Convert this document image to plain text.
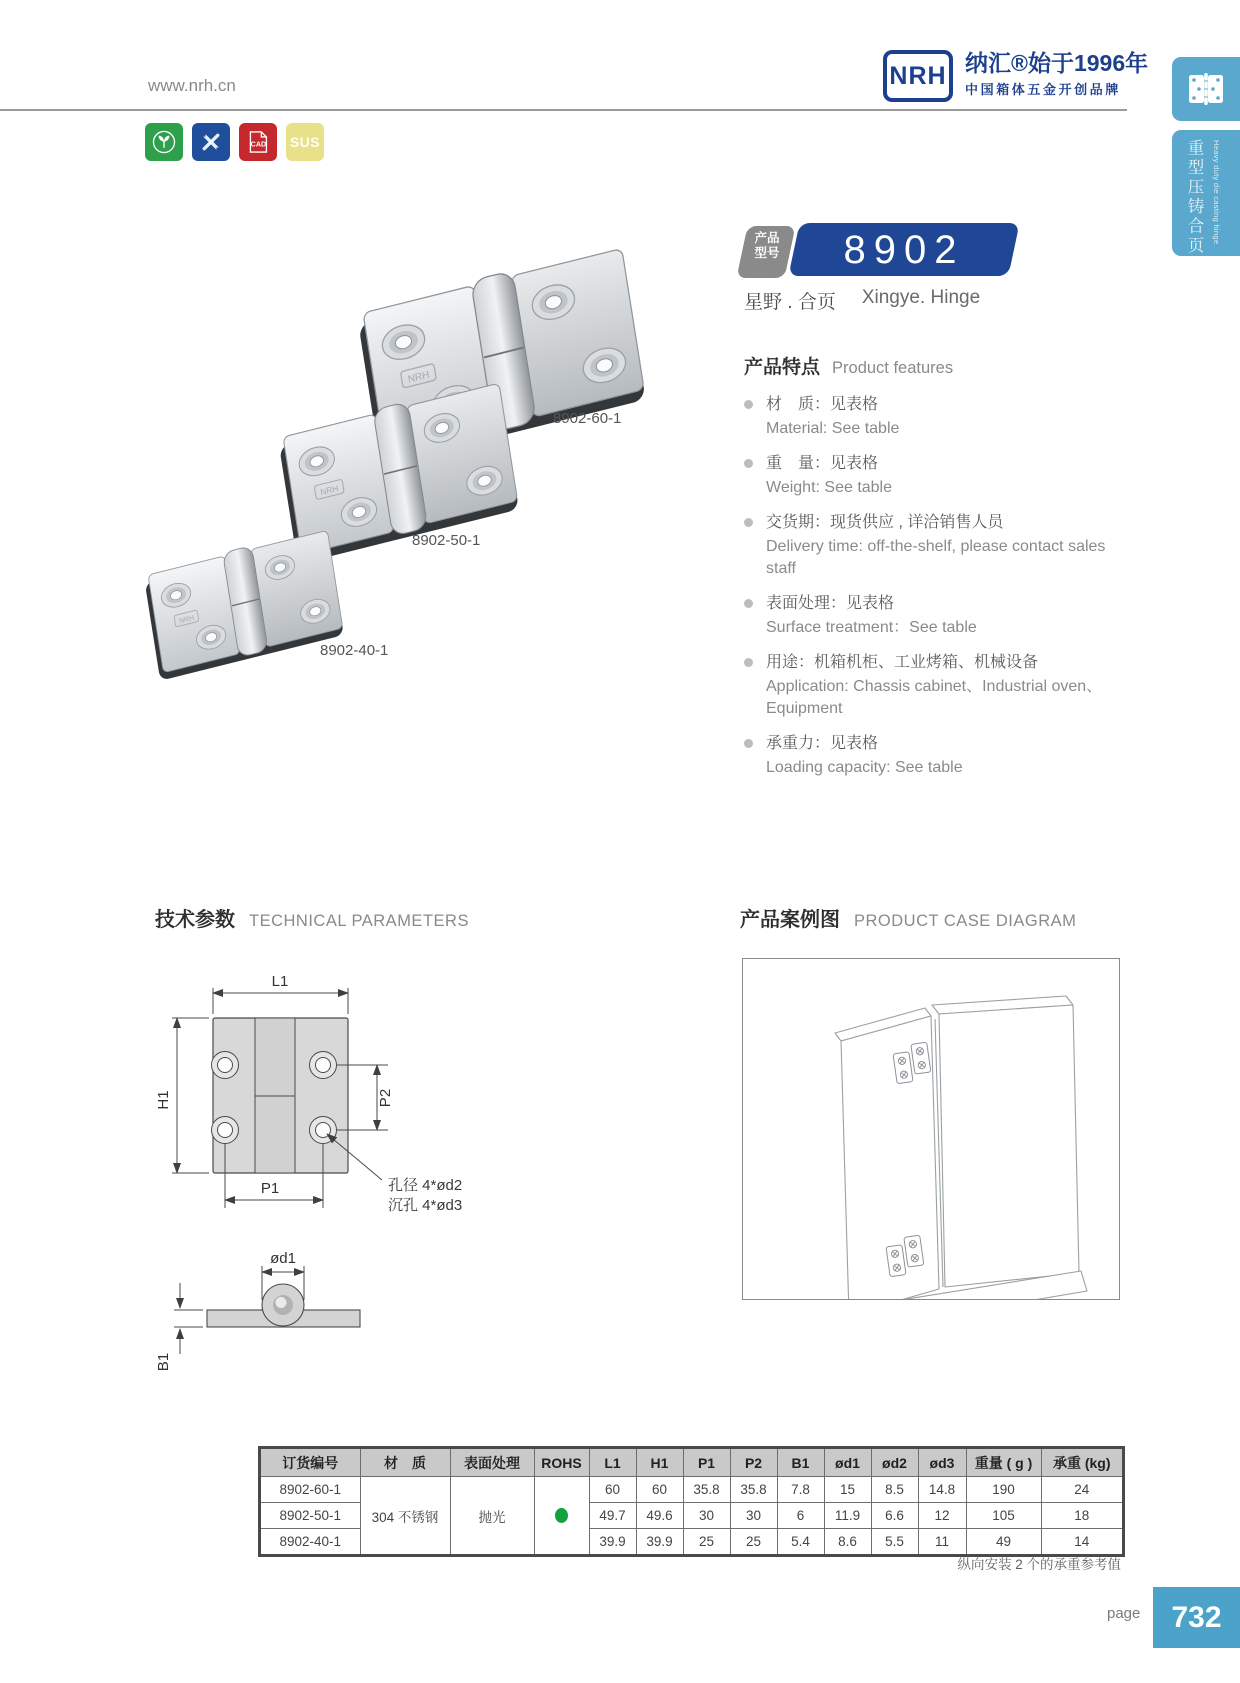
www.nrh.cn	NRH 纳汇®始于1996年
中国箱体五金开创品牌
重型压铸合页	Heavy duty die casting hinge
CAD SUS
产品
型号	8902
星野 . 合页 Xingye. Hinge
产品特点 Product features
材　质：见表格
Material: See table
重　量：见表格
Weight: See table
交货期：现货供应 , 详洽销售人员
Delivery time: off-the-shelf, please contact sales staff
表面处理：见表格
Surface treatment：See table
用途：机箱机柜、工业烤箱、机械设备
Application: Chassis cabinet、Industrial oven、Equipment
承重力：见表格
Loading capacity: See table
NRH
8902-60-1
8902-50-1
8902-40-1
技术参数 TECHNICAL PARAMETERS	产品案例图 PRODUCT CASE DIAGRAM
L1
H1	P2
P1	孔径 4*ød2
沉孔 4*ød3
ød1
B1
订货编号	材　质	表面处理	ROHS	L1	H1	P1	P2	B1	ød1	ød2	ød3	重量 ( g )	承重 (kg)
8902-60-1	304 不锈钢	抛光		60	60	35.8	35.8	7.8	15	8.5	14.8	190	24
8902-50-1				49.7	49.6	30	30	6	11.9	6.6	12	105	18
8902-40-1				39.9	39.9	25	25	5.4	8.6	5.5	11	49	14
纵向安装 2 个的承重参考值
page 732
